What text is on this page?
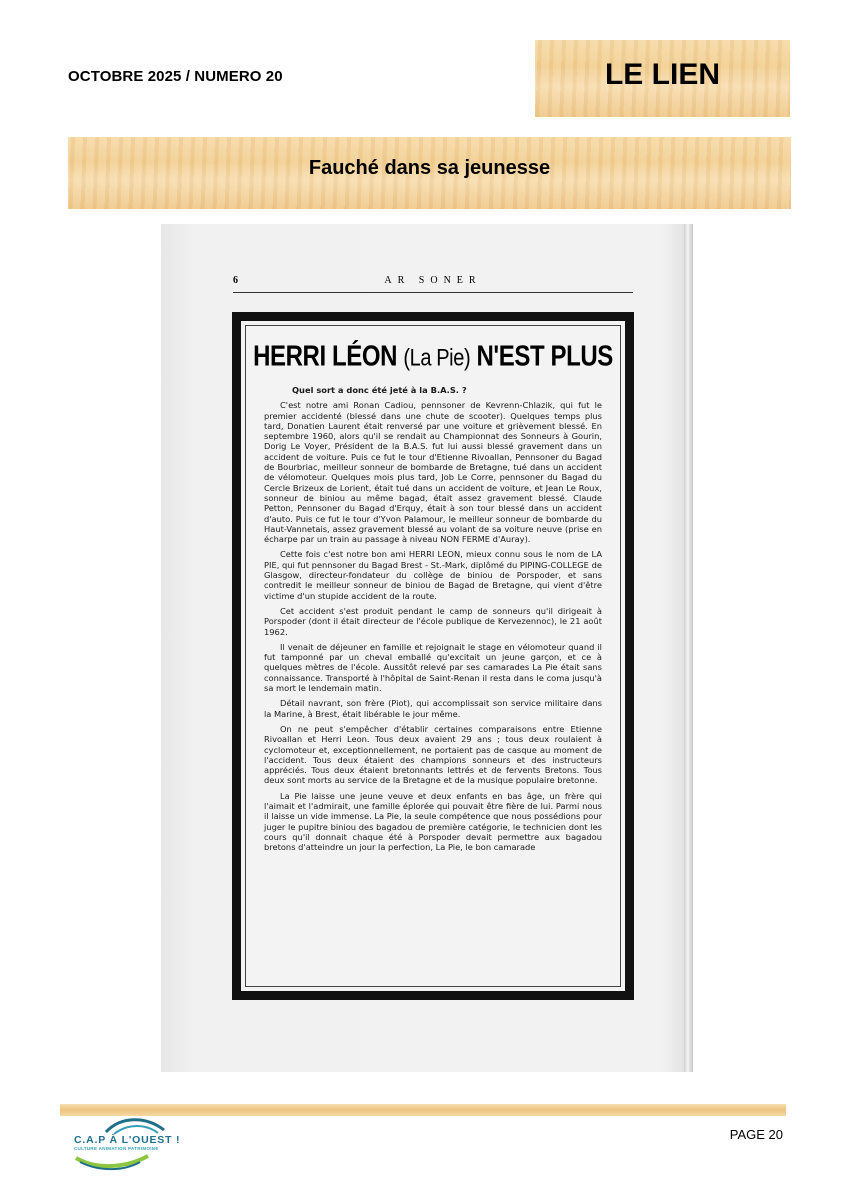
OCTOBRE 2025 / NUMERO 20	LE LIEN
Fauché dans sa jeunesse
6	AR SONER
HERRI LÉON (La Pie) N'EST PLUS

Quel sort a donc été jeté à la B.A.S. ?

C'est notre ami Ronan Cadiou, pennsoner de Kevrenn-Chlazik, qui fut le premier accidenté (blessé dans une chute de scooter). Quelques temps plus tard, Donatien Laurent était renversé par une voiture et grièvement blessé. En septembre 1960, alors qu'il se rendait au Championnat des Sonneurs à Gourin, Dorig Le Voyer, Président de la B.A.S. fut lui aussi blessé gravement dans un accident de voiture. Puis ce fut le tour d'Etienne Rivoallan, Pennsoner du Bagad de Bourbriac, meilleur sonneur de bombarde de Bretagne, tué dans un accident de vélomoteur. Quelques mois plus tard, Job Le Corre, pennsoner du Bagad du Cercle Brizeux de Lorient, était tué dans un accident de voiture, et Jean Le Roux, sonneur de biniou au même bagad, était assez gravement blessé. Claude Petton, Pennsoner du Bagad d'Erquy, était à son tour blessé dans un accident d'auto. Puis ce fut le tour d'Yvon Palamour, le meilleur sonneur de bombarde du Haut-Vannetais, assez gravement blessé au volant de sa voiture neuve (prise en écharpe par un train au passage à niveau NON FERME d'Auray).

Cette fois c'est notre bon ami HERRI LEON, mieux connu sous le nom de LA PIE, qui fut pennsoner du Bagad Brest - St.-Mark, diplômé du PIPING-COLLEGE de Glasgow, directeur-fondateur du collège de biniou de Porspoder, et sans contredit le meilleur sonneur de biniou de Bagad de Bretagne, qui vient d'être victime d'un stupide accident de la route.

Cet accident s'est produit pendant le camp de sonneurs qu'il dirigeait à Porspoder (dont il était directeur de l'école publique de Kervezennoc), le 21 août 1962.

Il venait de déjeuner en famille et rejoignait le stage en vélomoteur quand il fut tamponné par un cheval emballé qu'excitait un jeune garçon, et ce à quelques mètres de l'école. Aussitôt relevé par ses camarades La Pie était sans connaissance. Transporté à l'hôpital de Saint-Renan il resta dans le coma jusqu'à sa mort le lendemain matin.

Détail navrant, son frère (Piot), qui accomplissait son service militaire dans la Marine, à Brest, était libérable le jour même.

On ne peut s'empêcher d'établir certaines comparaisons entre Etienne Rivoallan et Herri Leon. Tous deux avaient 29 ans ; tous deux roulaient à cyclomoteur et, exceptionnellement, ne portaient pas de casque au moment de l'accident. Tous deux étaient des champions sonneurs et des instructeurs appréciés. Tous deux étaient bretonnants lettrés et de fervents Bretons. Tous deux sont morts au service de la Bretagne et de la musique populaire bretonne.

La Pie laisse une jeune veuve et deux enfants en bas âge, un frère qui l'aimait et l'admirait, une famille éplorée qui pouvait être fière de lui. Parmi nous il laisse un vide immense. La Pie, la seule compétence que nous possédions pour juger le pupitre biniou des bagadou de première catégorie, le technicien dont les cours qu'il donnait chaque été à Porspoder devait permettre aux bagadou bretons d'atteindre un jour la perfection, La Pie, le bon camarade

C.A.P À L'OUEST !
CULTURE ANIMATION PATRIMOINE
PAGE 20
